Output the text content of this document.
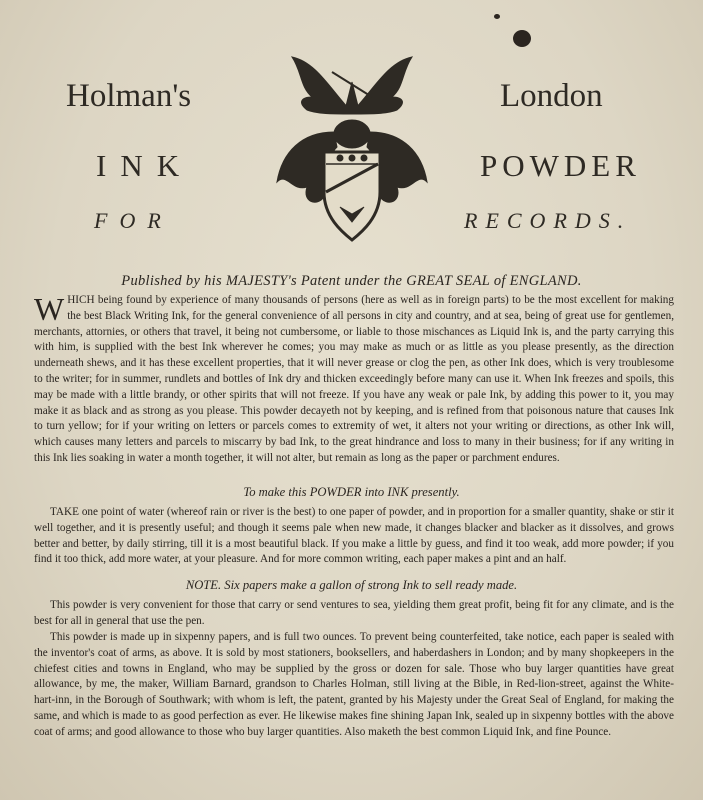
Holman's	London
INK	POWDER
FOR	RECORDS.
Published by his MAJESTY's Patent under the GREAT SEAL of ENGLAND.
WHICH being found by experience of many thousands of persons (here as well as in foreign parts) to be the most excellent for making the best Black Writing Ink, for the general convenience of all persons in city and country, and at sea, being of great use for gentlemen, merchants, attornies, or others that travel, it being not cumbersome, or liable to those mischances as Liquid Ink is, and the party carrying this with him, is supplied with the best Ink wherever he comes; you may make as much or as little as you please presently, as the direction underneath shews, and it has these excellent properties, that it will never grease or clog the pen, as other Ink does, which is very troublesome to the writer; for in summer, rundlets and bottles of Ink dry and thicken exceedingly before many can use it. When Ink freezes and spoils, this may be made with a little brandy, or other spirits that will not freeze. If you have any weak or pale Ink, by adding this power to it, you may make it as black and as strong as you please. This powder decayeth not by keeping, and is refined from that poisonous nature that causes Ink to turn yellow; for if your writing on letters or parcels comes to extremity of wet, it alters not your writing or directions, as other Ink will, which causes many letters and parcels to miscarry by bad Ink, to the great hindrance and loss to many in their business; for if any writing in this Ink lies soaking in water a month together, it will not alter, but remain as long as the paper or parchment endures.
To make this POWDER into INK presently.
TAKE one point of water (whereof rain or river is the best) to one paper of powder, and in proportion for a smaller quantity, shake or stir it well together, and it is presently useful; and though it seems pale when new made, it changes blacker and blacker as it dissolves, and grows better and better, by daily stirring, till it is a most beautiful black. If you make a little by guess, and find it too weak, add more powder; if you find it too thick, add more water, at your pleasure. And for more common writing, each paper makes a pint and an half.
NOTE. Six papers make a gallon of strong Ink to sell ready made.
This powder is very convenient for those that carry or send ventures to sea, yielding them great profit, being fit for any climate, and is the best for all in general that use the pen.
This powder is made up in sixpenny papers, and is full two ounces. To prevent being counterfeited, take notice, each paper is sealed with the inventor's coat of arms, as above. It is sold by most stationers, booksellers, and haberdashers in London; and by many shopkeepers in the chiefest cities and towns in England, who may be supplied by the gross or dozen for sale. Those who buy larger quantities have great allowance, by me, the maker, William Barnard, grandson to Charles Holman, still living at the Bible, in Red-lion-street, against the White-hart-inn, in the Borough of Southwark; with whom is left, the patent, granted by his Majesty under the Great Seal of England, for making the same, and which is made to as good perfection as ever. He likewise makes fine shining Japan Ink, sealed up in sixpenny bottles with the above coat of arms; and good allowance to those who buy larger quantities. Also maketh the best common Liquid Ink, and fine Pounce.
